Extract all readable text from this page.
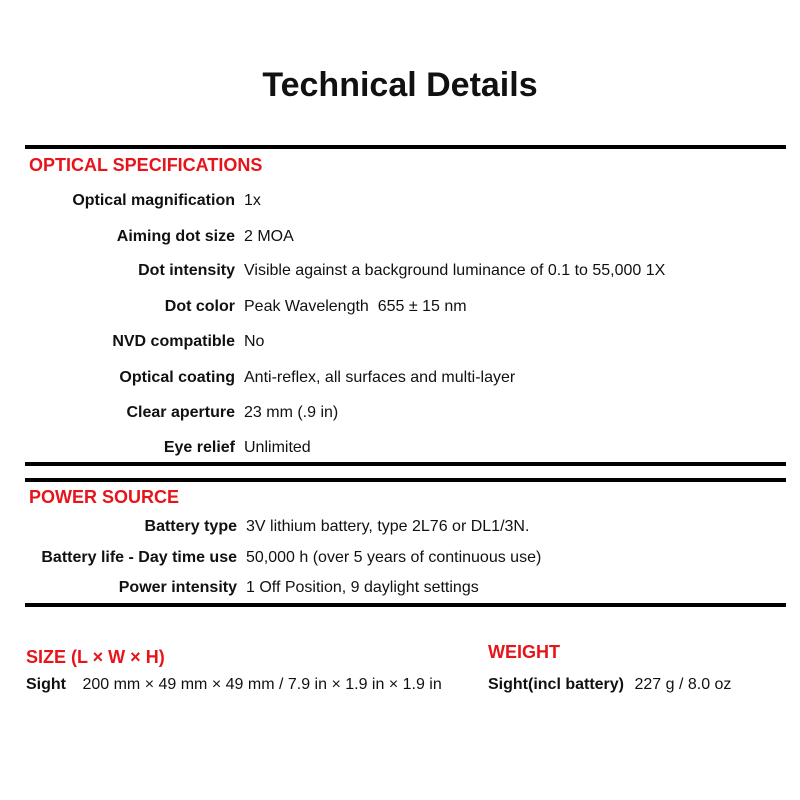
Technical Details
OPTICAL SPECIFICATIONS
Optical magnification 1x
Aiming dot size 2 MOA
Dot intensity Visible against a background luminance of 0.1 to 55,000 1X
Dot color Peak Wavelength  655 ± 15 nm
NVD compatible No
Optical coating Anti-reflex, all surfaces and multi-layer
Clear aperture 23 mm (.9 in)
Eye relief Unlimited
POWER SOURCE
Battery type 3V lithium battery, type 2L76 or DL1/3N.
Battery life - Day time use 50,000 h (over 5 years of continuous use)
Power intensity 1 Off Position, 9 daylight settings
SIZE (L × W × H)
Sight 200 mm × 49 mm × 49 mm / 7.9 in × 1.9 in × 1.9 in
WEIGHT
Sight(incl battery) 227 g / 8.0 oz
